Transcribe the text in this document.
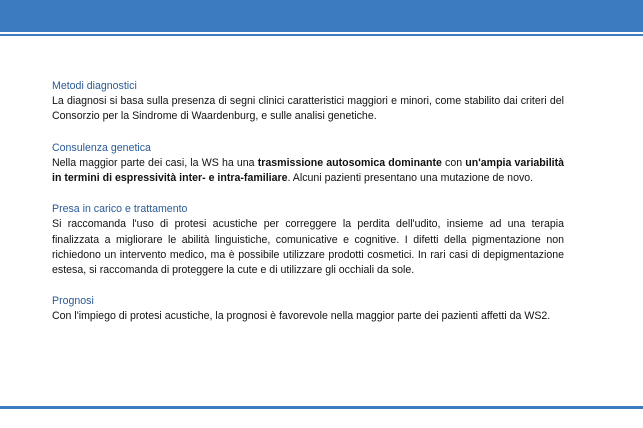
Metodi diagnostici

La diagnosi si basa sulla presenza di segni clinici caratteristici maggiori e minori, come stabilito dai criteri del Consorzio per la Sindrome di Waardenburg, e sulle analisi genetiche.

Consulenza genetica

Nella maggior parte dei casi, la WS ha una trasmissione autosomica dominante con un'ampia variabilità in termini di espressività inter- e intra-familiare. Alcuni pazienti presentano una mutazione de novo.

Presa in carico e trattamento

Si raccomanda l'uso di protesi acustiche per correggere la perdita dell'udito, insieme ad una terapia finalizzata a migliorare le abilità linguistiche, comunicative e cognitive. I difetti della pigmentazione non richiedono un intervento medico, ma è possibile utilizzare prodotti cosmetici. In rari casi di depigmentazione estesa, si raccomanda di proteggere la cute e di utilizzare gli occhiali da sole.

Prognosi

Con l'impiego di protesi acustiche, la prognosi è favorevole nella maggior parte dei pazienti affetti da WS2.
